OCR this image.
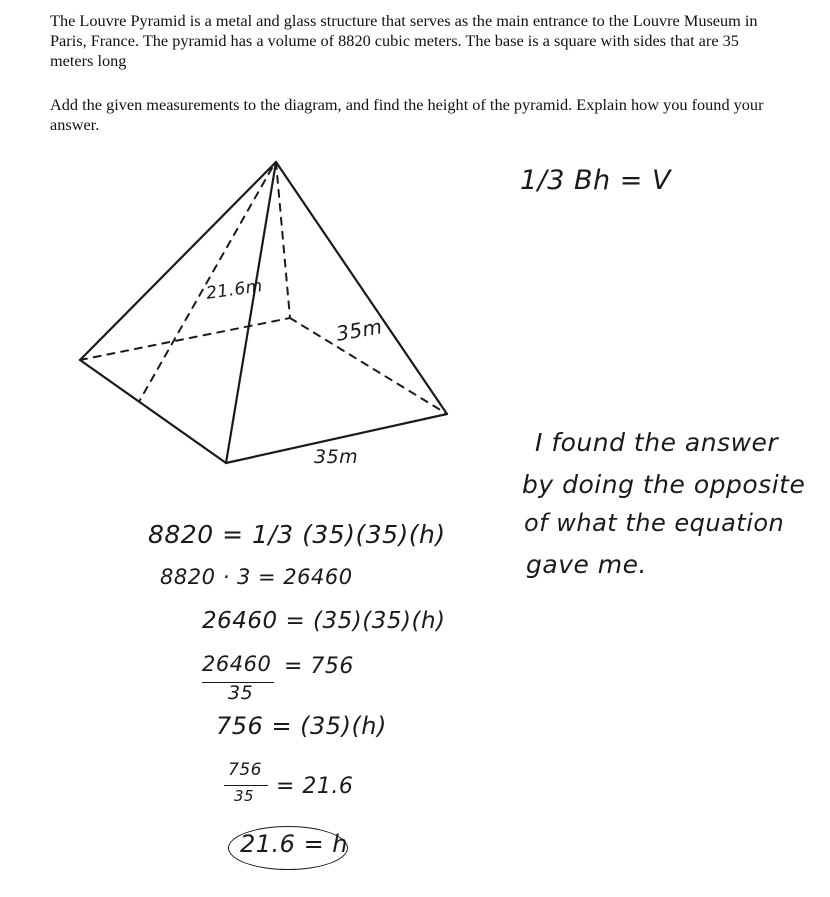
The Louvre Pyramid is a metal and glass structure that serves as the main entrance to the Louvre Museum in Paris, France. The pyramid has a volume of 8820 cubic meters. The base is a square with sides that are 35 meters long

Add the given measurements to the diagram, and find the height of the pyramid. Explain how you found your answer.

21.6m
35m
35m
1/3 Bh = V
I found the answer
by doing the opposite
of what the equation
gave me.
8820 = 1/3 (35)(35)(h)
8820 · 3 = 26460
26460 = (35)(35)(h)
26460
35
= 756
756 = (35)(h)
756
35 = 21.6
21.6 = h
